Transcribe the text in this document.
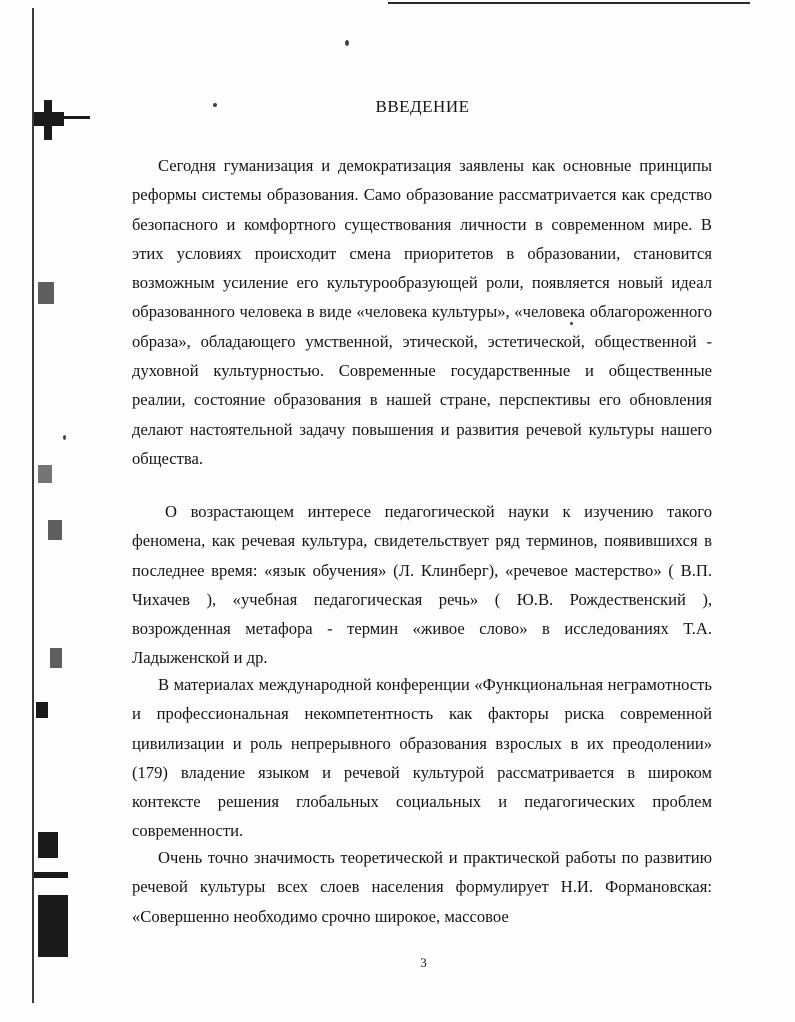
ВВЕДЕНИЕ

Сегодня гуманизация и демократизация заявлены как основные принципы реформы системы образования. Само образование рассматриvается как средство безопасного и комфортного существования личности в современном мире. В этих условиях происходит смена приоритетов в образовании, становится возможным усиление его культурообразующей роли, появляется новый идеал образованного человека в виде «человека культуры», «человека облагороженного образа», обладающего умственной, этической, эстетической, общественной - духовной культурностью. Современные государственные и общественные реалии, состояние образования в нашей стране, перспективы его обновления делают настоятельной задачу повышения и развития речевой культуры нашего общества.

О возрастающем интересе педагогической науки к изучению такого феномена, как речевая культура, свидетельствует ряд терминов, появившихся в последнее время: «язык обучения» (Л. Клинберг), «речевое мастерство» ( В.П. Чихачев ), «учебная педагогическая речь» ( Ю.В. Рождественский ), возрожденная метафора - термин «живое слово» в исследованиях Т.А. Ладыженской и др.

В материалах международной конференции «Функциональная неграмотность и профессиональная некомпетентность как факторы риска современной цивилизации и роль непрерывного образования взрослых в их преодолении» (179) владение языком и речевой культурой рассматривается в широком контексте решения глобальных социальных и педагогических проблем современности.

Очень точно значимость теоретической и практической работы по развитию речевой культуры всех слоев населения формулирует Н.И. Формановская: «Совершенно необходимо срочно широкое, массовое

3
